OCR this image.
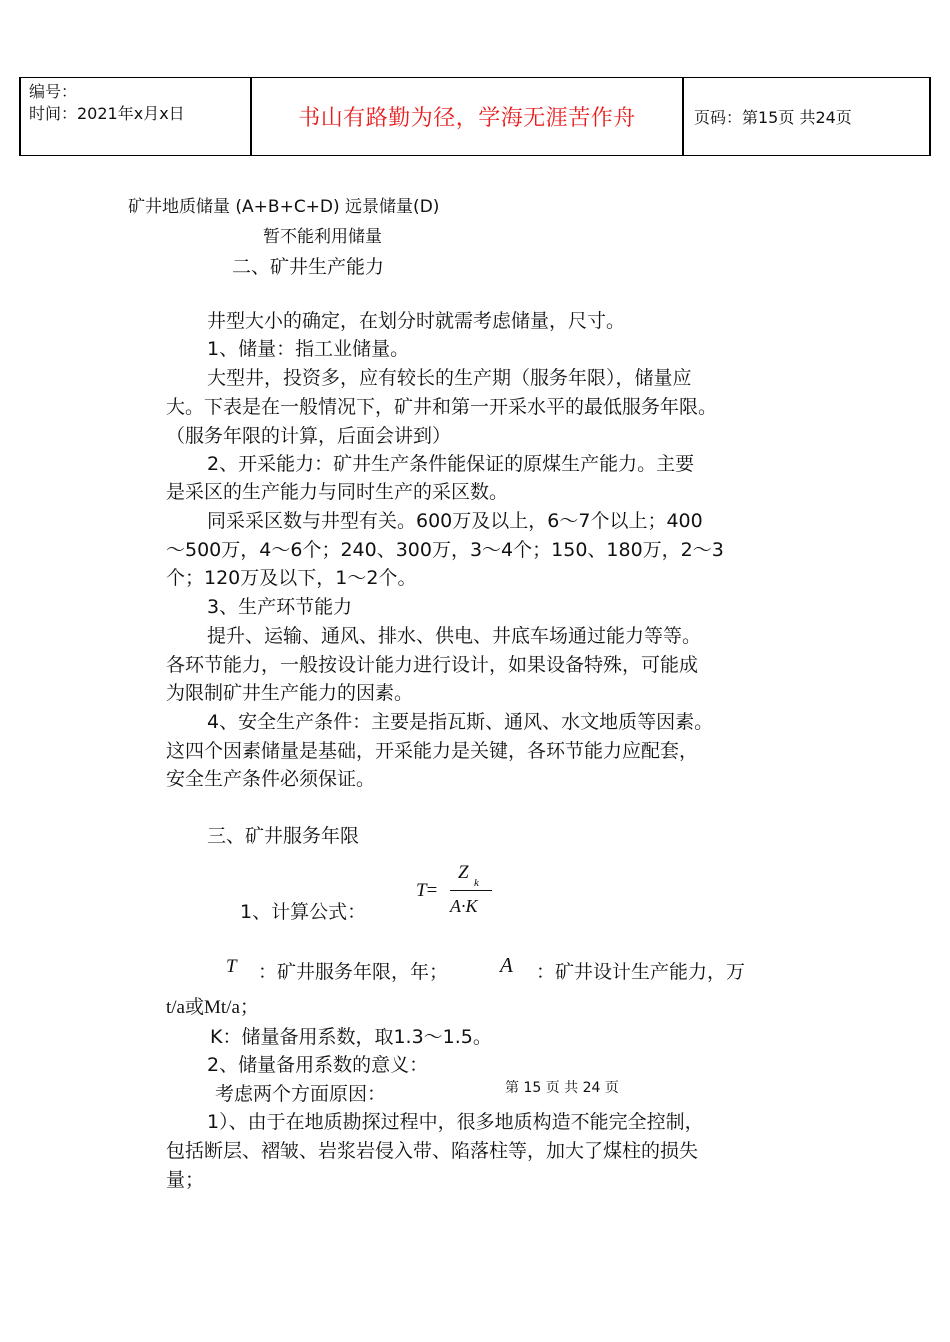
编号：
时间：2021年x月x日	书山有路勤为径，学海无涯苦作舟	页码：第15页 共24页
矿井地质储量 (A+B+C+D) 远景储量(D)
暂不能利用储量
二、矿井生产能力
井型大小的确定，在划分时就需考虑储量，尺寸。
1、储量：指工业储量。
大型井，投资多，应有较长的生产期（服务年限），储量应
大。下表是在一般情况下，矿井和第一开采水平的最低服务年限。
（服务年限的计算，后面会讲到）
2、开采能力：矿井生产条件能保证的原煤生产能力。主要
是采区的生产能力与同时生产的采区数。
同采采区数与井型有关。600万及以上，6～7个以上；400
～500万，4～6个；240、300万，3～4个；150、180万，2～3
个；120万及以下，1～2个。
3、生产环节能力
提升、运输、通风、排水、供电、井底车场通过能力等等。
各环节能力，一般按设计能力进行设计，如果设备特殊，可能成
为限制矿井生产能力的因素。
4、安全生产条件：主要是指瓦斯、通风、水文地质等因素。
这四个因素储量是基础，开采能力是关键，各环节能力应配套，
安全生产条件必须保证。
三、矿井服务年限
1、计算公式：
T=
Z k
A·K
T ：矿井服务年限，年； A ：矿井设计生产能力，万
t/a或Mt/a；
K：储量备用系数，取1.3～1.5。
2、储量备用系数的意义：
考虑两个方面原因：	第 15 页 共 24 页
1）、由于在地质勘探过程中，很多地质构造不能完全控制，
包括断层、褶皱、岩浆岩侵入带、陷落柱等，加大了煤柱的损失
量；
